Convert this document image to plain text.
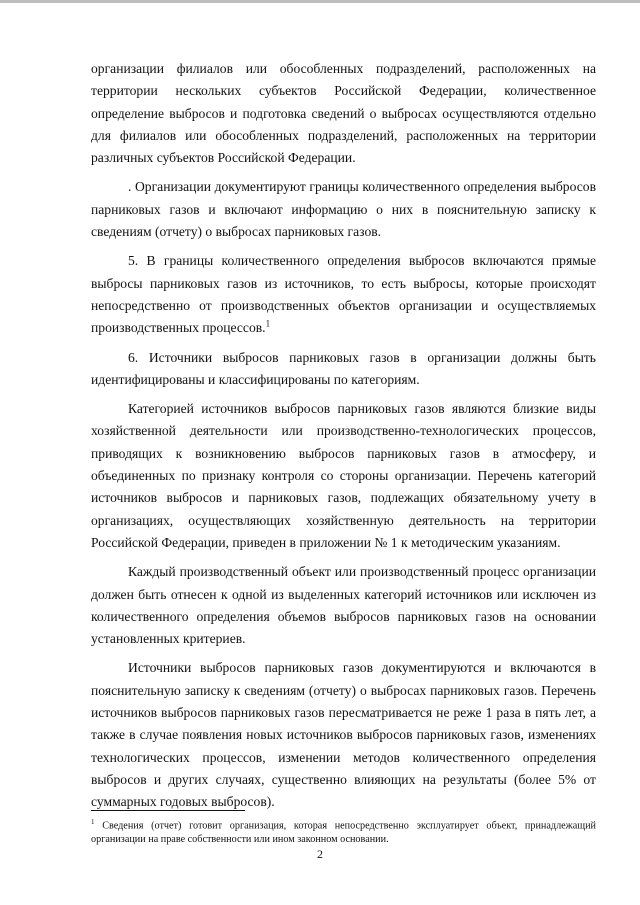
организации филиалов или обособленных подразделений, расположенных на территории нескольких субъектов Российской Федерации, количественное определение выбросов и подготовка сведений о выбросах осуществляются отдельно для филиалов или обособленных подразделений, расположенных на территории различных субъектов Российской Федерации.

. Организации документируют границы количественного определения выбросов парниковых газов и включают информацию о них в пояснительную записку к сведениям (отчету) о выбросах парниковых газов.

5. В границы количественного определения выбросов включаются прямые выбросы парниковых газов из источников, то есть выбросы, которые происходят непосредственно от производственных объектов организации и осуществляемых производственных процессов.$^1$

6. Источники выбросов парниковых газов в организации должны быть идентифицированы и классифицированы по категориям.

Категорией источников выбросов парниковых газов являются близкие виды хозяйственной деятельности или производственно-технологических процессов, приводящих к возникновению выбросов парниковых газов в атмосферу, и объединенных по признаку контроля со стороны организации. Перечень категорий источников выбросов и парниковых газов, подлежащих обязательному учету в организациях, осуществляющих хозяйственную деятельность на территории Российской Федерации, приведен в приложении № 1 к методическим указаниям.

Каждый производственный объект или производственный процесс организации должен быть отнесен к одной из выделенных категорий источников или исключен из количественного определения объемов выбросов парниковых газов на основании установленных критериев.

Источники выбросов парниковых газов документируются и включаются в пояснительную записку к сведениям (отчету) о выбросах парниковых газов. Перечень источников выбросов парниковых газов пересматривается не реже 1 раза в пять лет, а также в случае появления новых источников выбросов парниковых газов, изменениях технологических процессов, изменении методов количественного определения выбросов и других случаях, существенно влияющих на результаты (более 5% от суммарных годовых выбросов).

$^1$ Сведения (отчет) готовит организация, которая непосредственно эксплуатирует объект, принадлежащий организации на праве собственности или ином законном основании.

2
